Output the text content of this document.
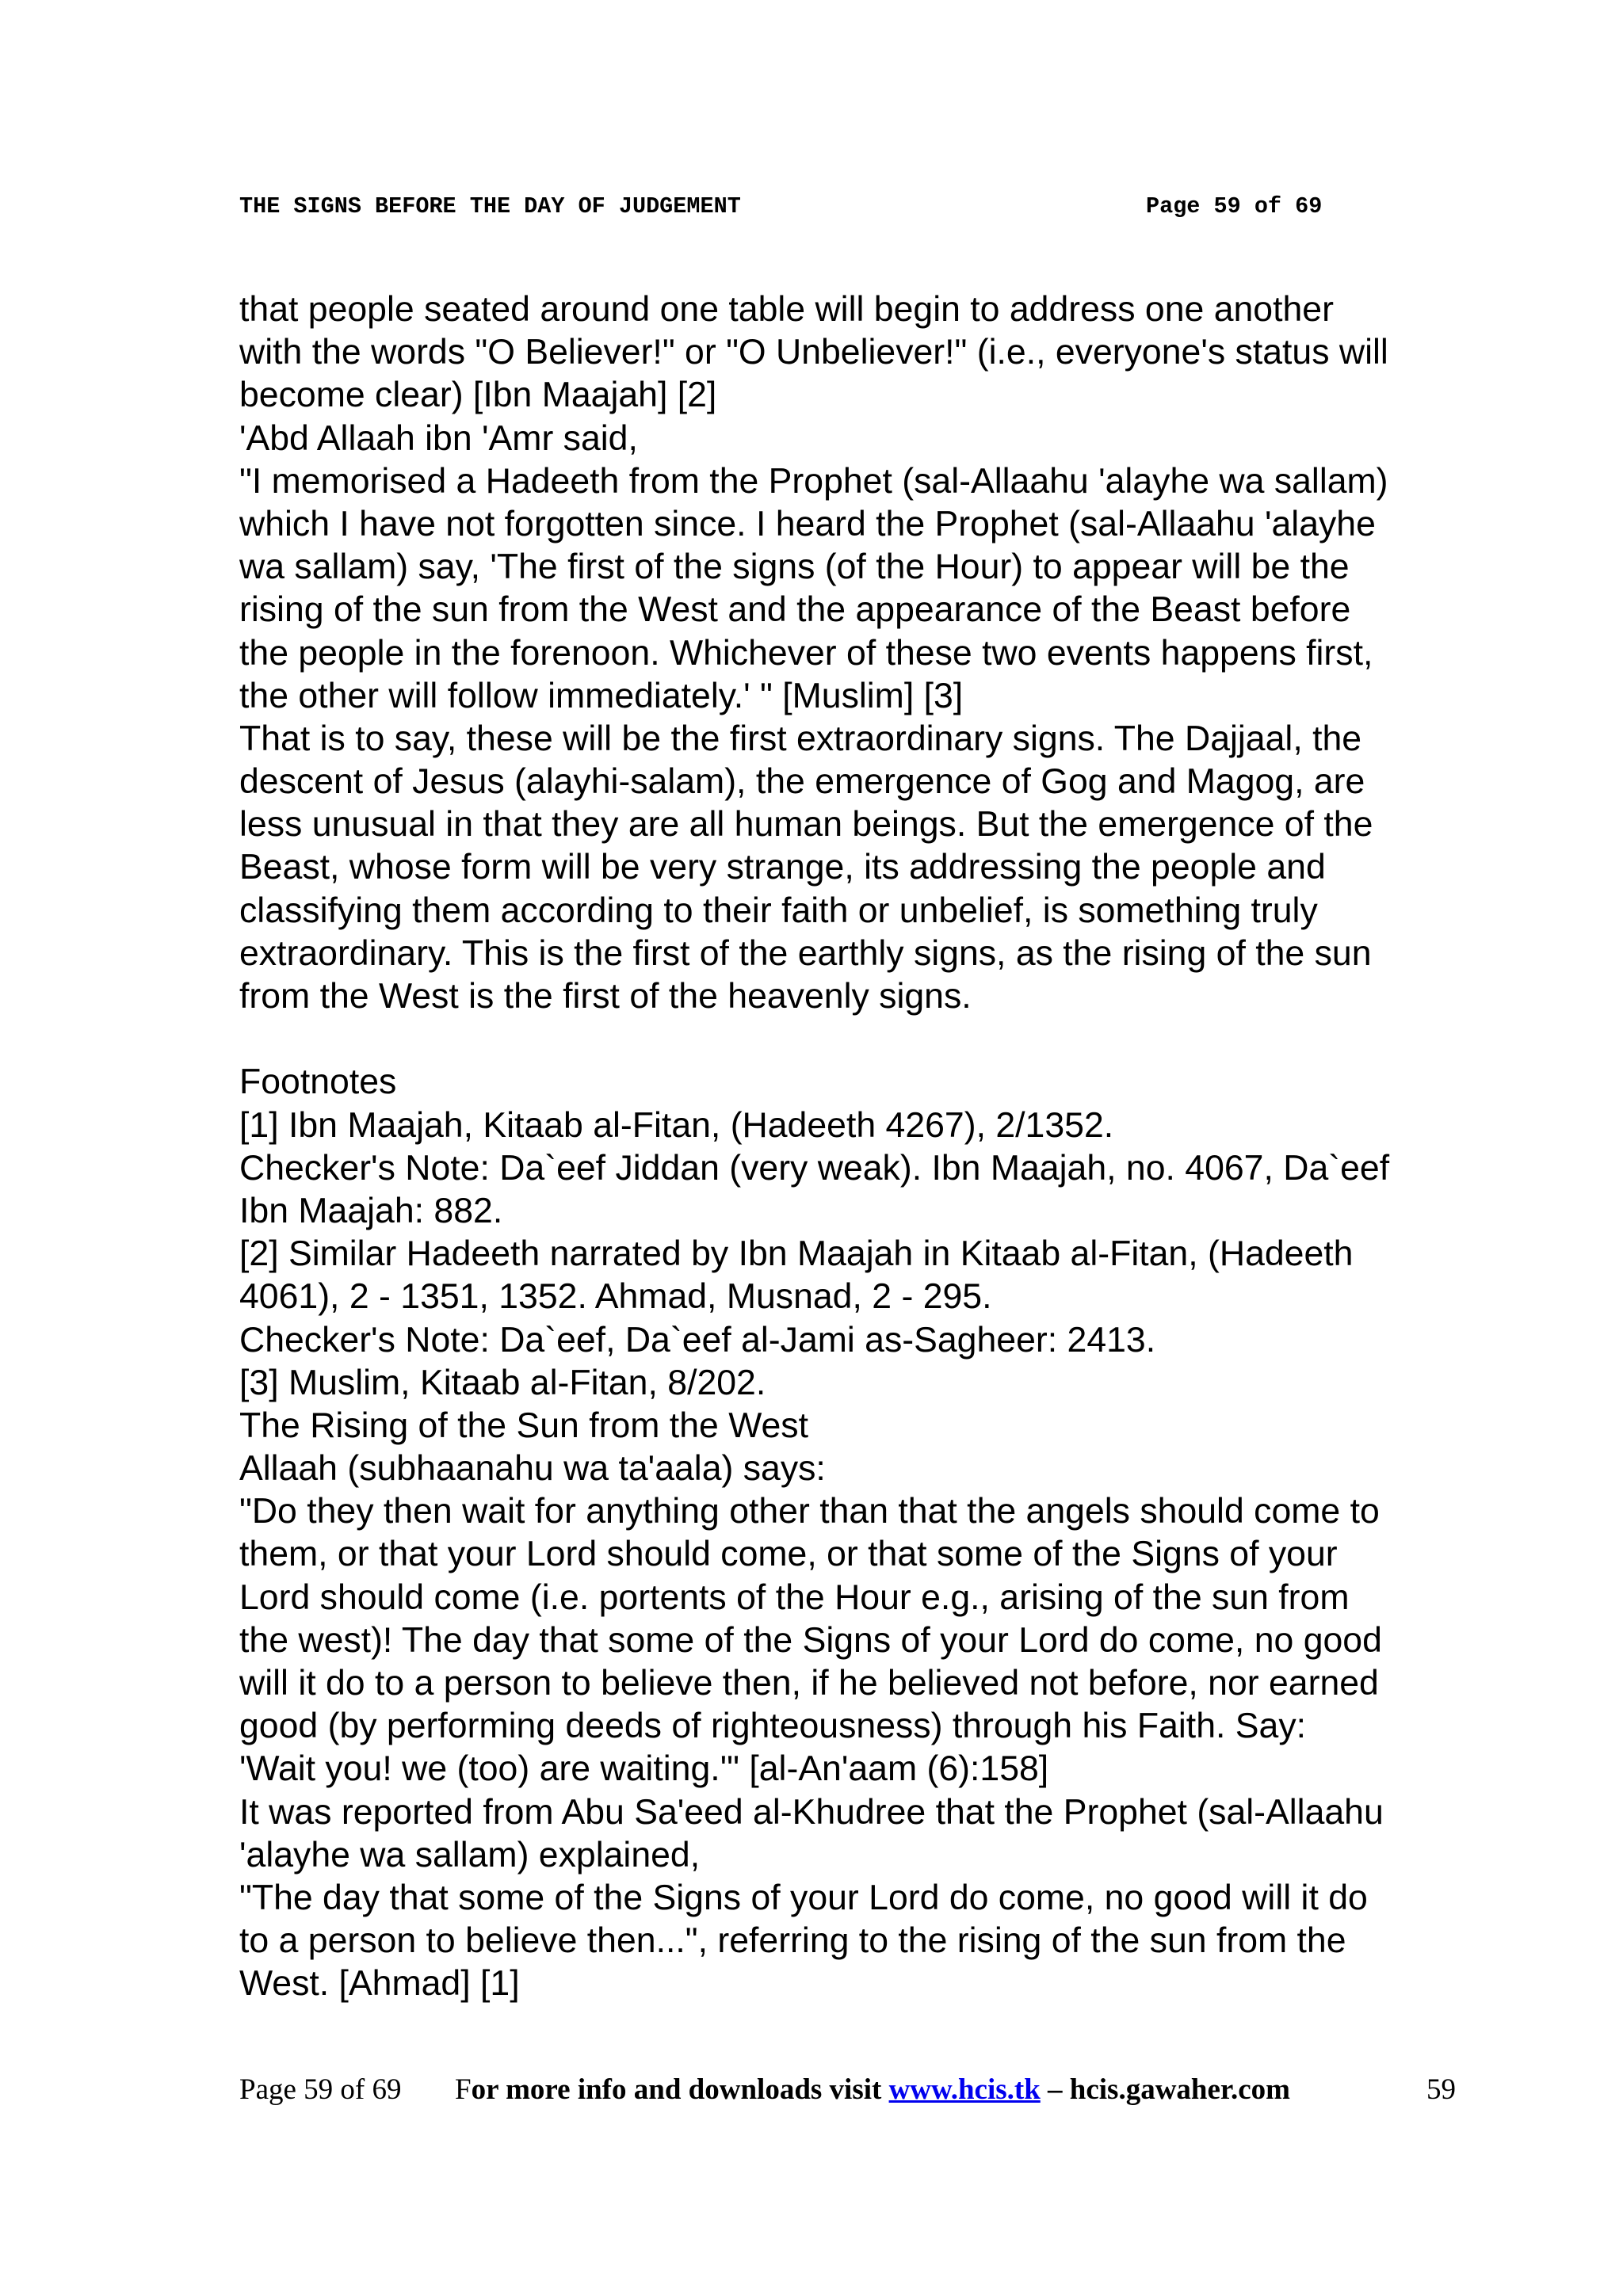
THE SIGNS BEFORE THE DAY OF JUDGEMENT

	Page 59 of 69

that people seated around one table will begin to address one another
with the words "O Believer!" or "O Unbeliever!" (i.e., everyone's status will
become clear) [Ibn Maajah] [2]
'Abd Allaah ibn 'Amr said,
"I memorised a Hadeeth from the Prophet (sal-Allaahu 'alayhe wa sallam)
which I have not forgotten since. I heard the Prophet (sal-Allaahu 'alayhe
wa sallam) say, 'The first of the signs (of the Hour) to appear will be the
rising of the sun from the West and the appearance of the Beast before
the people in the forenoon. Whichever of these two events happens first,
the other will follow immediately.' " [Muslim] [3]
That is to say, these will be the first extraordinary signs. The Dajjaal, the
descent of Jesus (alayhi-salam), the emergence of Gog and Magog, are
less unusual in that they are all human beings. But the emergence of the
Beast, whose form will be very strange, its addressing the people and
classifying them according to their faith or unbelief, is something truly
extraordinary. This is the first of the earthly signs, as the rising of the sun
from the West is the first of the heavenly signs.
Footnotes
[1] Ibn Maajah, Kitaab al-Fitan, (Hadeeth 4267), 2/1352.
Checker's Note: Da`eef Jiddan (very weak). Ibn Maajah, no. 4067, Da`eef
Ibn Maajah: 882.
[2] Similar Hadeeth narrated by Ibn Maajah in Kitaab al-Fitan, (Hadeeth
4061), 2 - 1351, 1352. Ahmad, Musnad, 2 - 295.
Checker's Note: Da`eef, Da`eef al-Jami as-Sagheer: 2413.
[3] Muslim, Kitaab al-Fitan, 8/202.
The Rising of the Sun from the West
Allaah (subhaanahu wa ta'aala) says:
"Do they then wait for anything other than that the angels should come to
them, or that your Lord should come, or that some of the Signs of your
Lord should come (i.e. portents of the Hour e.g., arising of the sun from
the west)! The day that some of the Signs of your Lord do come, no good
will it do to a person to believe then, if he believed not before, nor earned
good (by performing deeds of righteousness) through his Faith. Say:
'Wait you! we (too) are waiting.'" [al-An'aam (6):158]
It was reported from Abu Sa'eed al-Khudree that the Prophet (sal-Allaahu
'alayhe wa sallam) explained,
"The day that some of the Signs of your Lord do come, no good will it do
to a person to believe then...", referring to the rising of the sun from the
West. [Ahmad] [1]

Page 59 of 69

For more info and downloads visit www.hcis.tk – hcis.gawaher.com

	59
